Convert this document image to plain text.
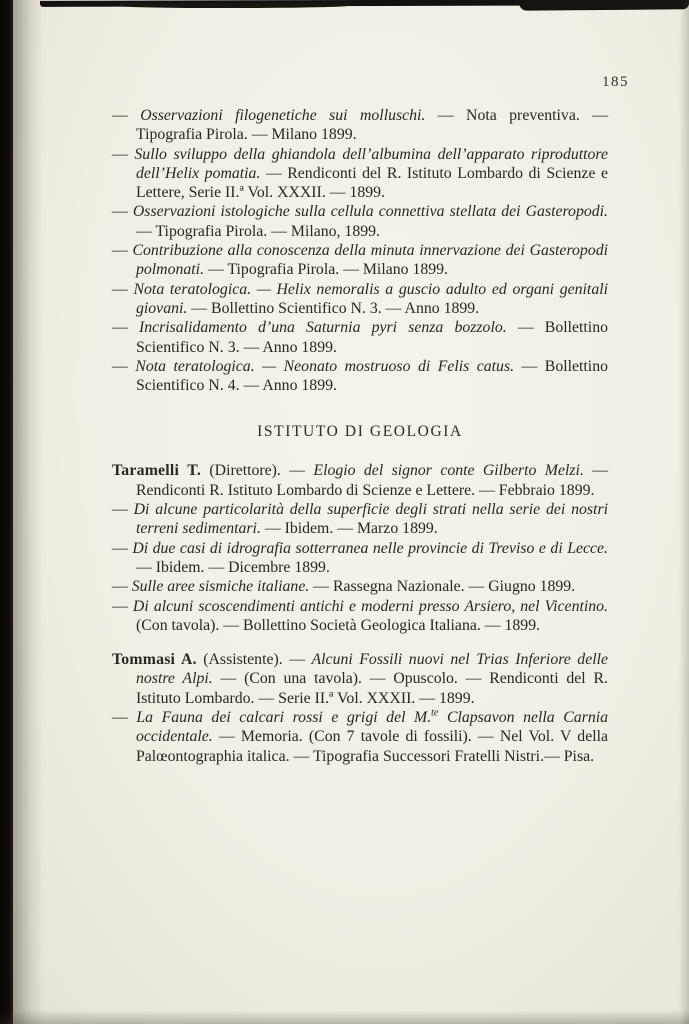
185

— Osservazioni filogenetiche sui molluschi. — Nota preventiva. — Tipografia Pirola. — Milano 1899.

— Sullo sviluppo della ghiandola dell’albumina dell’apparato riproduttore dell’Helix pomatia. — Rendiconti del R. Istituto Lombardo di Scienze e Lettere, Serie II.ª Vol. XXXII. — 1899.

— Osservazioni istologiche sulla cellula connettiva stellata dei Gasteropodi. — Tipografia Pirola. — Milano, 1899.

— Contribuzione alla conoscenza della minuta innervazione dei Gasteropodi polmonati. — Tipografia Pirola. — Milano 1899.

— Nota teratologica. — Helix nemoralis a guscio adulto ed organi genitali giovani. — Bollettino Scientifico N. 3. — Anno 1899.

— Incrisalidamento d’una Saturnia pyri senza bozzolo. — Bollettino Scientifico N. 3. — Anno 1899.

— Nota teratologica. — Neonato mostruoso di Felis catus. — Bollettino Scientifico N. 4. — Anno 1899.

ISTITUTO DI GEOLOGIA

Taramelli T. (Direttore). — Elogio del signor conte Gilberto Melzi. — Rendiconti R. Istituto Lombardo di Scienze e Lettere. — Febbraio 1899.

— Di alcune particolarità della superficie degli strati nella serie dei nostri terreni sedimentari. — Ibidem. — Marzo 1899.

— Di due casi di idrografia sotterranea nelle provincie di Treviso e di Lecce. — Ibidem. — Dicembre 1899.

— Sulle aree sismiche italiane. — Rassegna Nazionale. — Giugno 1899.

— Di alcuni scoscendimenti antichi e moderni presso Arsiero, nel Vicentino. (Con tavola). — Bollettino Società Geologica Italiana. — 1899.

Tommasi A. (Assistente). — Alcuni Fossili nuovi nel Trias Inferiore delle nostre Alpi. — (Con una tavola). — Opuscolo. — Rendiconti del R. Istituto Lombardo. — Serie II.ª Vol. XXXII. — 1899.

— La Fauna dei calcari rossi e grigi del M.$^{te}$ Clapsavon nella Carnia occidentale. — Memoria. (Con 7 tavole di fossili). — Nel Vol. V della Palœontographia italica. — Tipografia Successori Fratelli Nistri.— Pisa.
